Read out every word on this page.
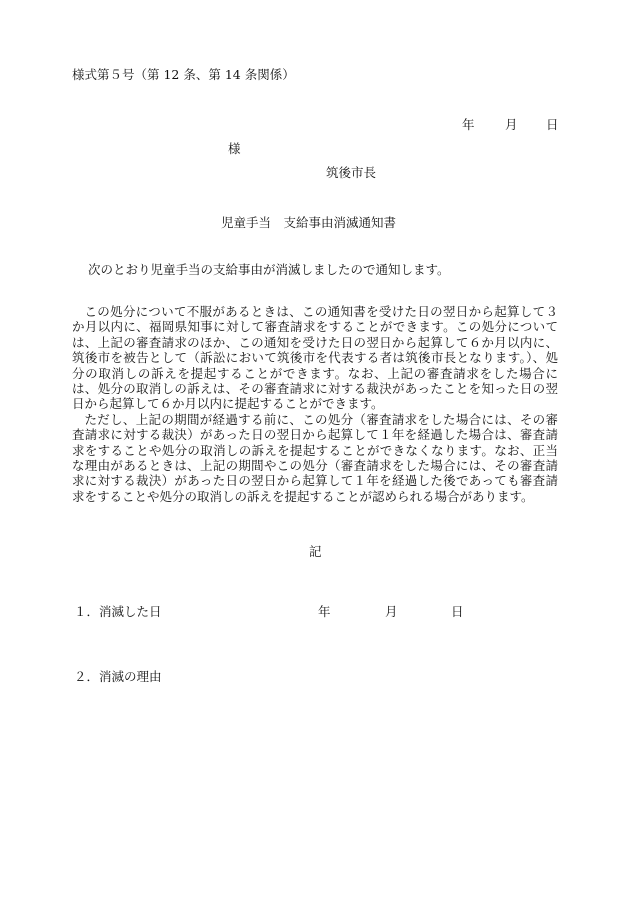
様式第５号（第 12 条、第 14 条関係）
年 月 日
様
筑後市長
児童手当　支給事由消滅通知書
次のとおり児童手当の支給事由が消滅しましたので通知します。

この処分について不服があるときは、この通知書を受けた日の翌日から起算して３か月以内に、福岡県知事に対して審査請求をすることができます。この処分については、上記の審査請求のほか、この通知を受けた日の翌日から起算して６か月以内に、筑後市を被告として（訴訟において筑後市を代表する者は筑後市長となります。）、処分の取消しの訴えを提起することができます。なお、上記の審査請求をした場合には、処分の取消しの訴えは、その審査請求に対する裁決があったことを知った日の翌日から起算して６か月以内に提起することができます。

ただし、上記の期間が経過する前に、この処分（審査請求をした場合には、その審査請求に対する裁決）があった日の翌日から起算して１年を経過した場合は、審査請求をすることや処分の取消しの訴えを提起することができなくなります。なお、正当な理由があるときは、上記の期間やこの処分（審査請求をした場合には、その審査請求に対する裁決）があった日の翌日から起算して１年を経過した後であっても審査請求をすることや処分の取消しの訴えを提起することが認められる場合があります。

記
１．消滅した日	年	月	日
２．消滅の理由
